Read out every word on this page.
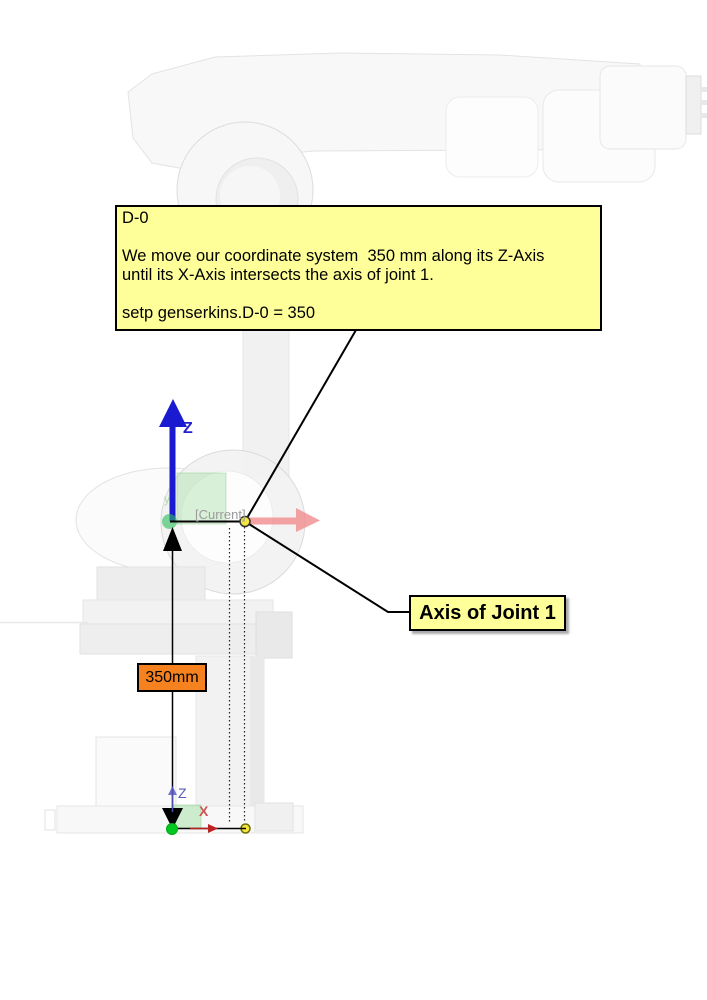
D-0
We move our coordinate system  350 mm along its Z-Axis
until its X-Axis intersects the axis of joint 1.
setp genserkins.D-0 = 350
Axis of Joint 1
350mm
Z
y
[Current]
Z
X
